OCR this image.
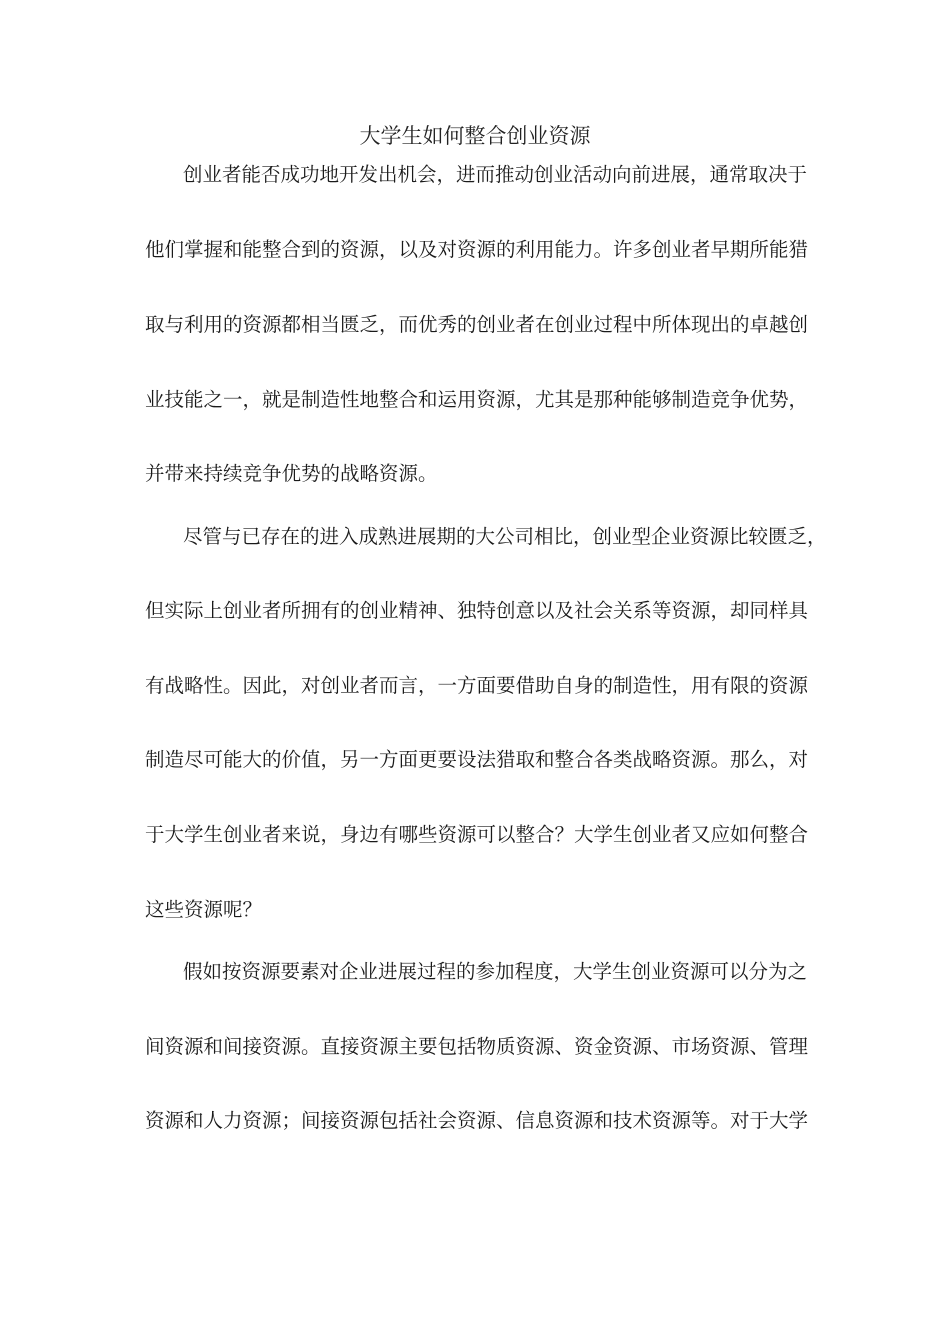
大学生如何整合创业资源
创业者能否成功地开发出机会，进而推动创业活动向前进展，通常取决于
他们掌握和能整合到的资源，以及对资源的利用能力。许多创业者早期所能猎
取与利用的资源都相当匮乏，而优秀的创业者在创业过程中所体现出的卓越创
业技能之一，就是制造性地整合和运用资源，尤其是那种能够制造竞争优势，
并带来持续竞争优势的战略资源。
尽管与已存在的进入成熟进展期的大公司相比，创业型企业资源比较匮乏，
但实际上创业者所拥有的创业精神、独特创意以及社会关系等资源，却同样具
有战略性。因此，对创业者而言，一方面要借助自身的制造性，用有限的资源
制造尽可能大的价值，另一方面更要设法猎取和整合各类战略资源。那么，对
于大学生创业者来说，身边有哪些资源可以整合？大学生创业者又应如何整合
这些资源呢？
假如按资源要素对企业进展过程的参加程度，大学生创业资源可以分为之
间资源和间接资源。直接资源主要包括物质资源、资金资源、市场资源、管理
资源和人力资源；间接资源包括社会资源、信息资源和技术资源等。对于大学
